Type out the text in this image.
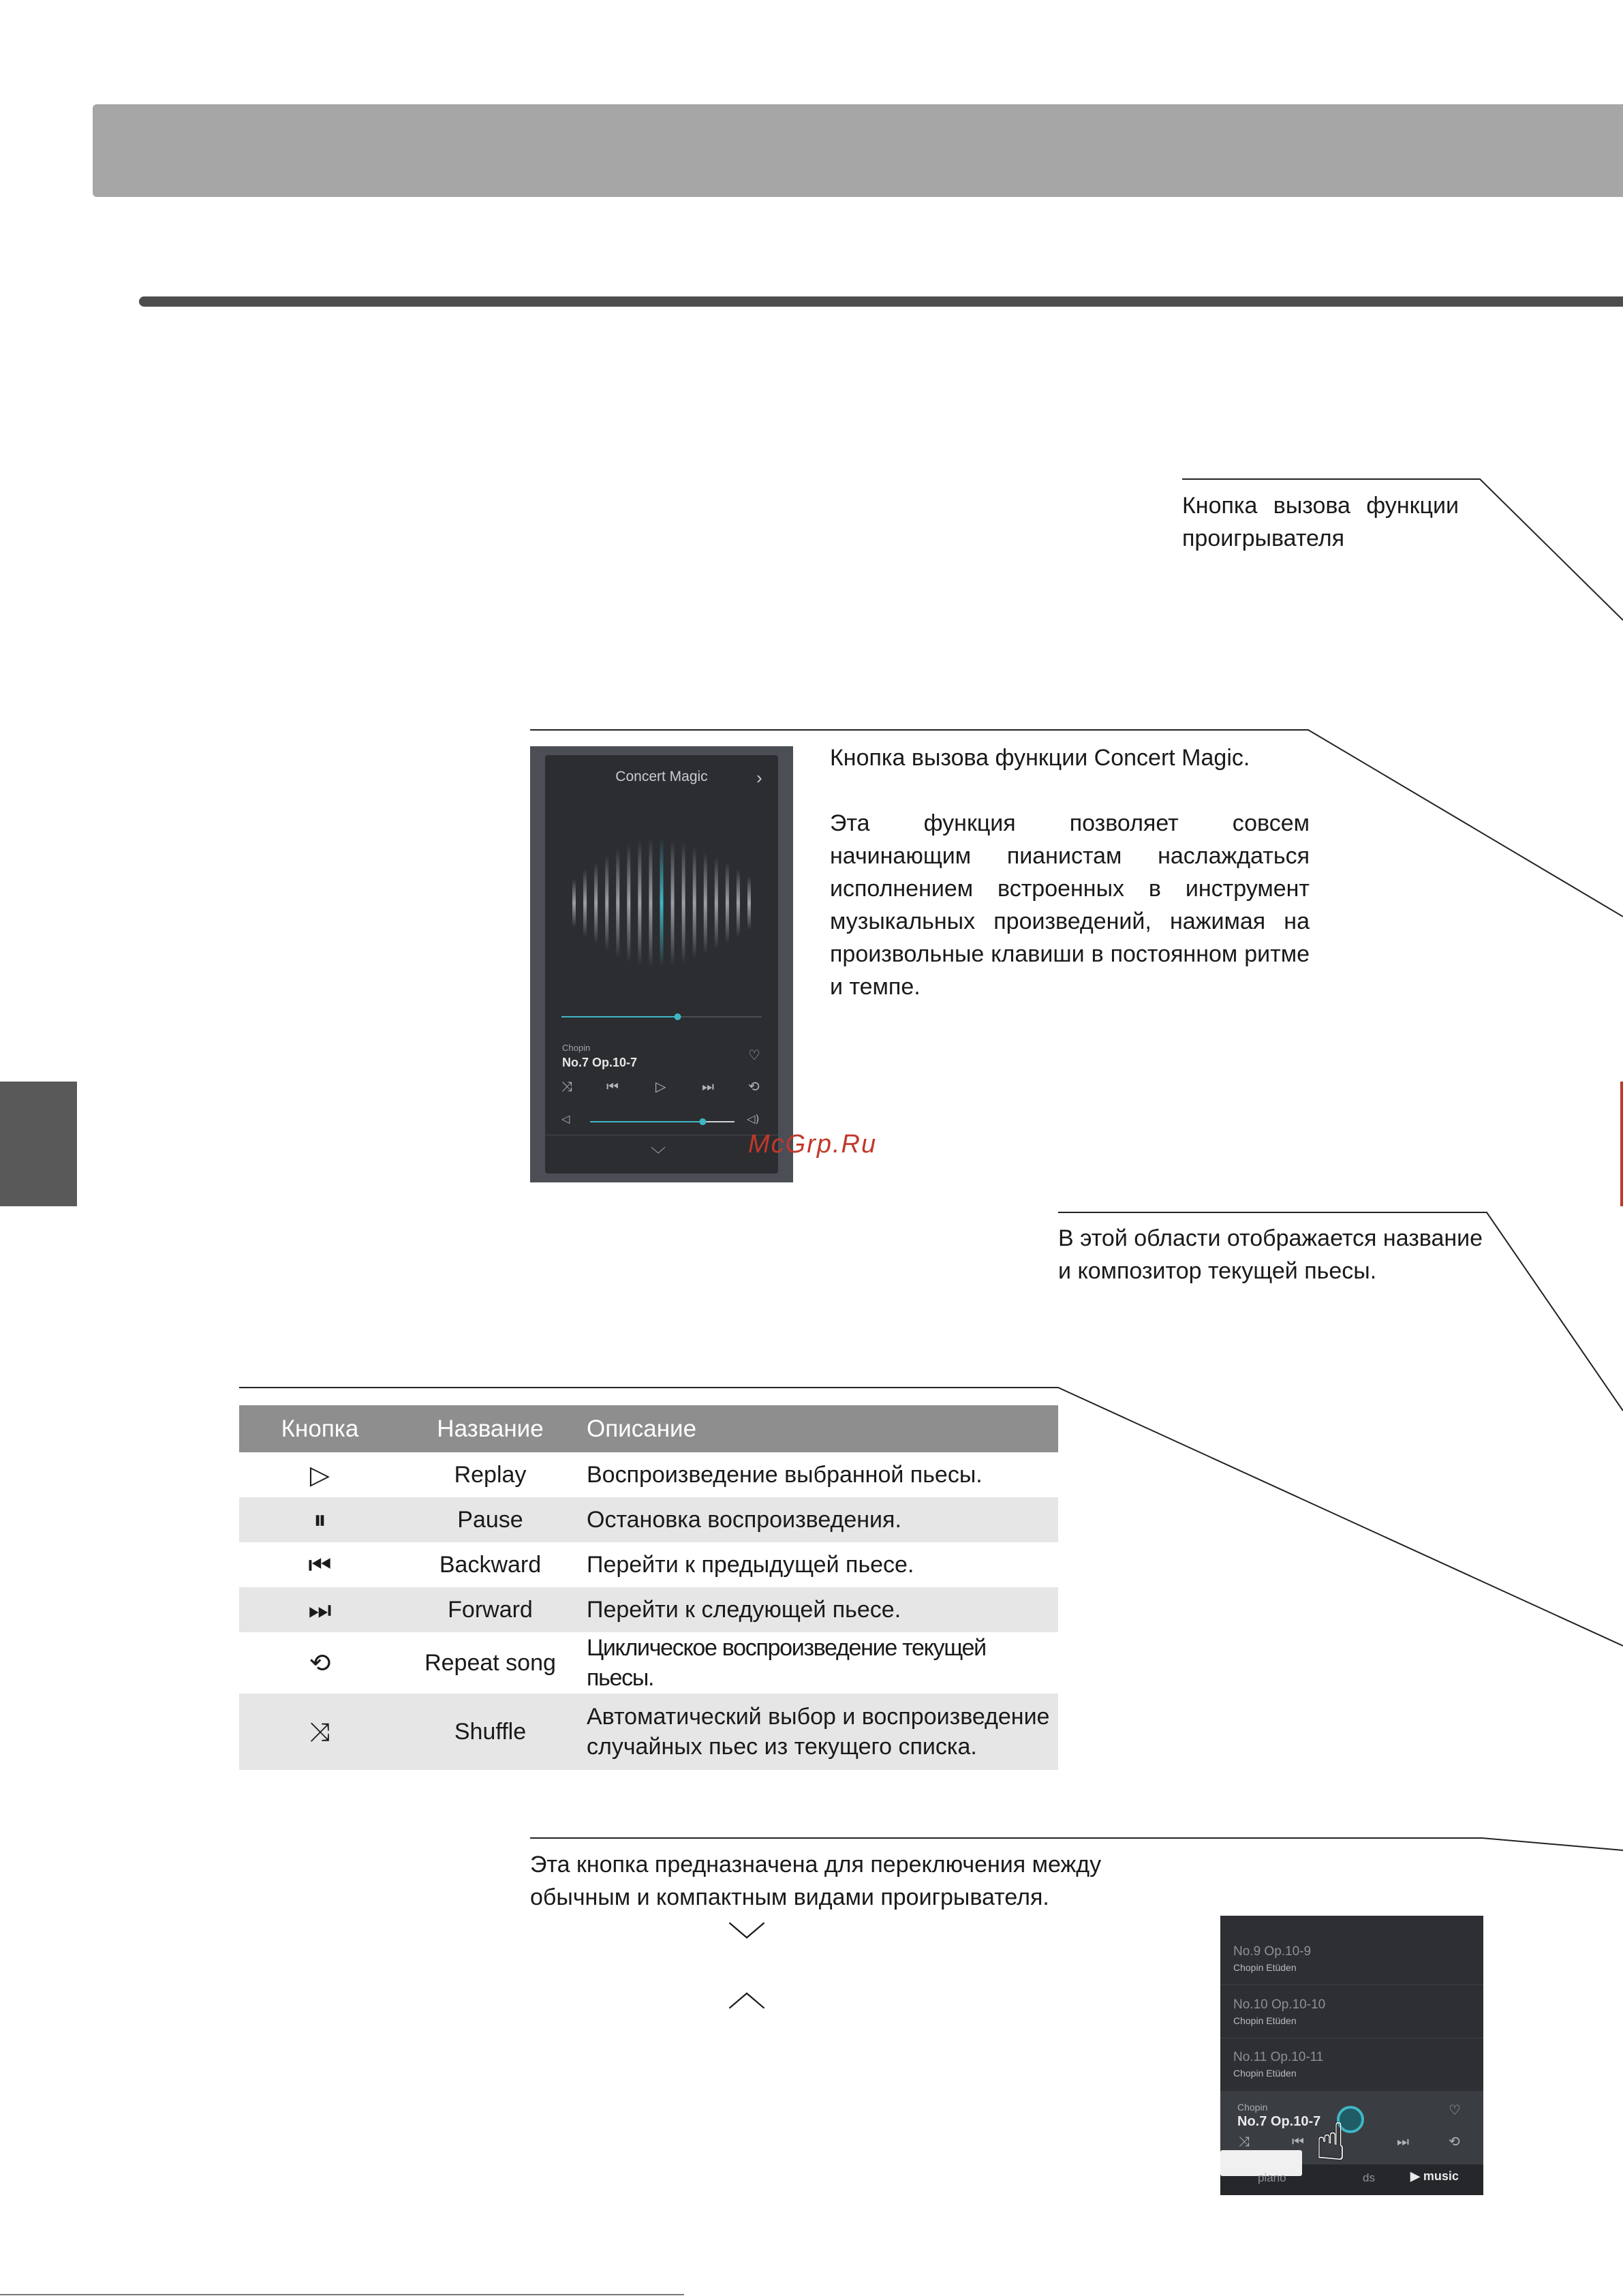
Кнопка вызова функции проигрывателя
Concert Magic	›
Chopin
No.7 Op.10-7	♡
⤨	⏮	▷	⏭	⟲
◁	◁)
﹀	McGrp.Ru
Кнопка вызова функции Concert Magic.
Эта функция позволяет совсем начинающим пианистам наслаждаться исполнением встроенных в инструмент музыкальных произведений, нажимая на произвольные клавиши в постоянном ритме и темпе.
В этой области отображается название и композитор текущей пьесы.
Кнопка	Название	Описание
▷	Replay	Воспроизведение выбранной пьесы.
⏸	Pause	Остановка воспроизведения.
⏮	Backward	Перейти к предыдущей пьесе.
⏭	Forward	Перейти к следующей пьесе.
⟲	Repeat song	Циклическое воспроизведение текущей пьесы.
⤨	Shuffle	Автоматический выбор и воспроизведение случайных пьес из текущего списка.
Эта кнопка предназначена для переключения между обычным и компактным видами проигрывателя.
﹀
︿
No.9 Op.10-9
Chopin Etüden
No.10 Op.10-10
Chopin Etüden
No.11 Op.10-11
Chopin Etüden
Chopin
No.7 Op.10-7
♡
⤨	⏮	⏭	⟲
piano	ds	▶ music
☝
